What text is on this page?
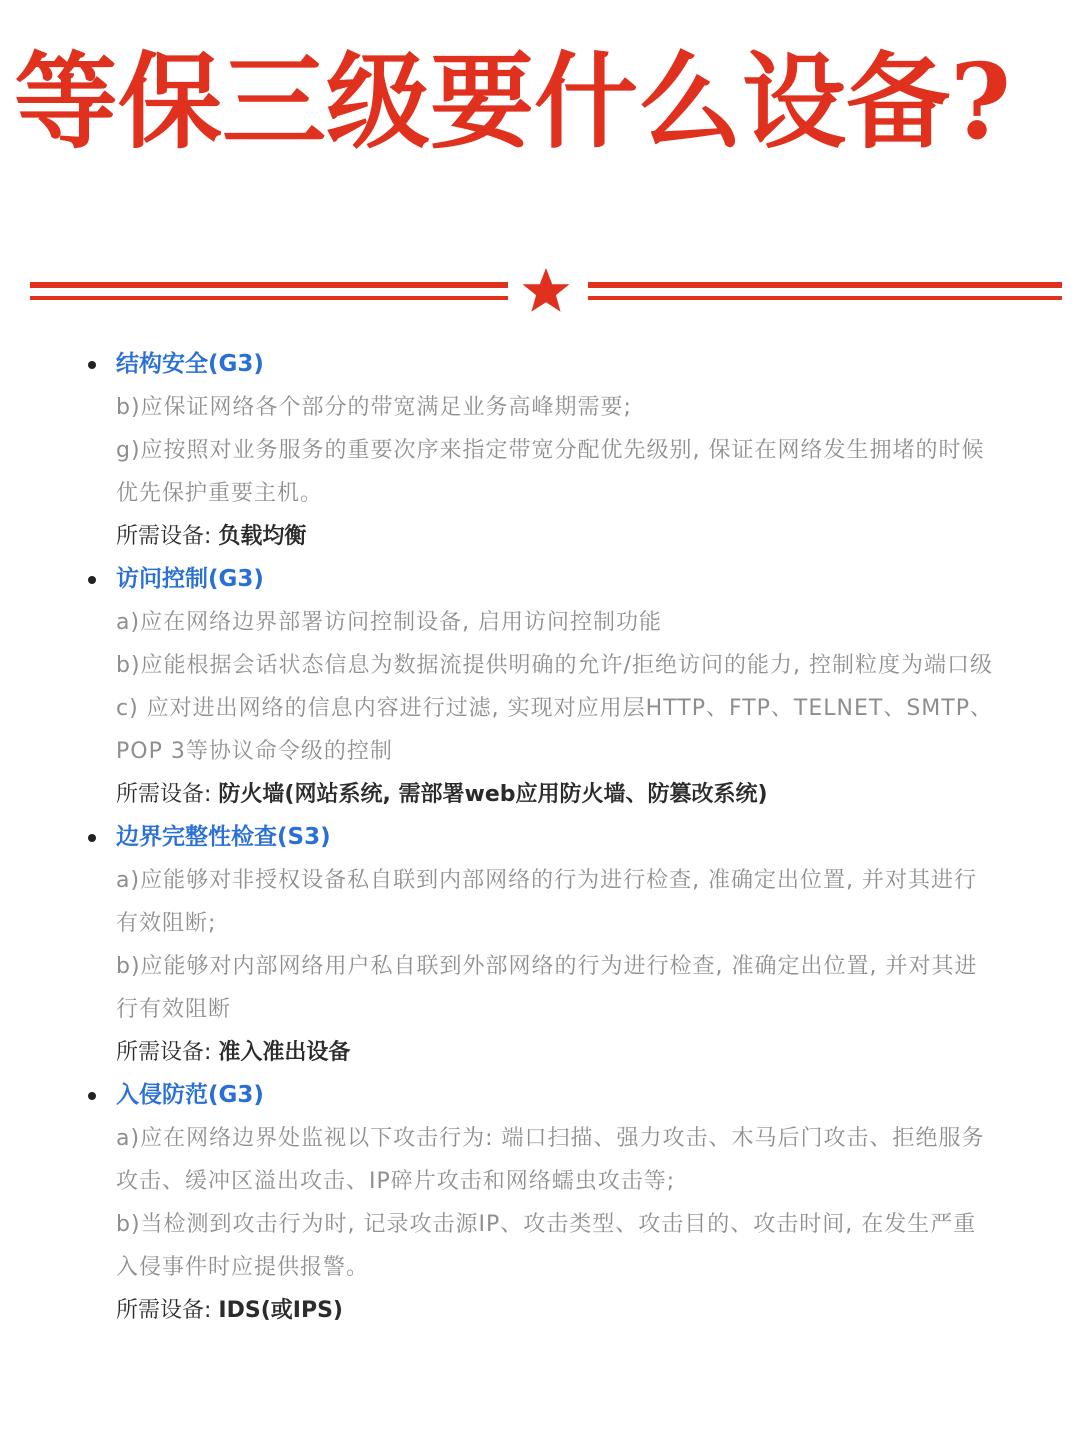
等保三级要什么设备?
结构安全(G3)

b)应保证网络各个部分的带宽满足业务高峰期需要;

g)应按照对业务服务的重要次序来指定带宽分配优先级别, 保证在网络发生拥堵的时候优先保护重要主机。

所需设备: 负载均衡
访问控制(G3)

a)应在网络边界部署访问控制设备, 启用访问控制功能

b)应能根据会话状态信息为数据流提供明确的允许/拒绝访问的能力, 控制粒度为端口级

c) 应对进出网络的信息内容进行过滤, 实现对应用层HTTP、FTP、TELNET、SMTP、POP 3等协议命令级的控制

所需设备: 防火墙(网站系统, 需部署web应用防火墙、防篡改系统)
边界完整性检查(S3)

a)应能够对非授权设备私自联到内部网络的行为进行检查, 准确定出位置, 并对其进行有效阻断;

b)应能够对内部网络用户私自联到外部网络的行为进行检查, 准确定出位置, 并对其进行有效阻断

所需设备: 准入准出设备
入侵防范(G3)

a)应在网络边界处监视以下攻击行为: 端口扫描、强力攻击、木马后门攻击、拒绝服务攻击、缓冲区溢出攻击、IP碎片攻击和网络蠕虫攻击等;

b)当检测到攻击行为时, 记录攻击源IP、攻击类型、攻击目的、攻击时间, 在发生严重入侵事件时应提供报警。

所需设备: IDS(或IPS)
